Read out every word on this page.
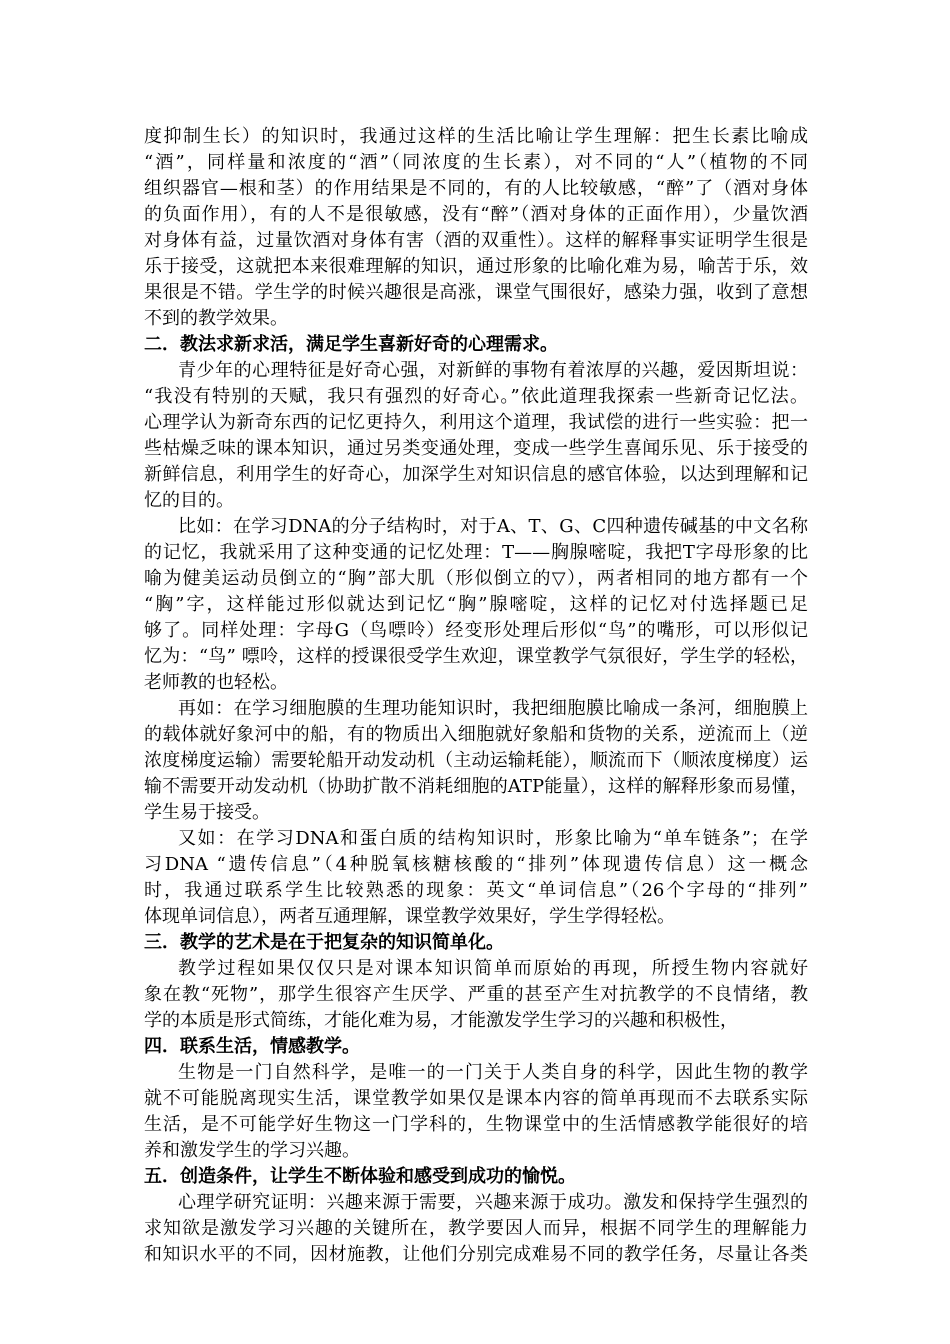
度抑制生长）的知识时，我通过这样的生活比喻让学生理解：把生长素比喻成
“酒”，同样量和浓度的“酒”（同浓度的生长素），对不同的“人”（植物的不同
组织器官—根和茎）的作用结果是不同的，有的人比较敏感，“醉”了（酒对身体
的负面作用），有的人不是很敏感，没有“醉”（酒对身体的正面作用），少量饮酒
对身体有益，过量饮酒对身体有害（酒的双重性）。这样的解释事实证明学生很是
乐于接受，这就把本来很难理解的知识，通过形象的比喻化难为易，喻苦于乐，效
果很是不错。学生学的时候兴趣很是高涨，课堂气围很好，感染力强，收到了意想
不到的教学效果。
二．教法求新求活，满足学生喜新好奇的心理需求。
青少年的心理特征是好奇心强，对新鲜的事物有着浓厚的兴趣，爱因斯坦说：
“我没有特别的天赋，我只有强烈的好奇心。”依此道理我探索一些新奇记忆法。
心理学认为新奇东西的记忆更持久，利用这个道理，我试偿的进行一些实验：把一
些枯燥乏味的课本知识，通过另类变通处理，变成一些学生喜闻乐见、乐于接受的
新鲜信息，利用学生的好奇心，加深学生对知识信息的感官体验，以达到理解和记
忆的目的。
比如：在学习DNA的分子结构时，对于A、T、G、C四种遗传碱基的中文名称
的记忆，我就采用了这种变通的记忆处理：T——胸腺嘧啶，我把T字母形象的比
喻为健美运动员倒立的“胸”部大肌（形似倒立的▽），两者相同的地方都有一个
“胸”字，这样能过形似就达到记忆“胸”腺嘧啶，这样的记忆对付选择题已足
够了。同样处理：字母G（鸟嘌呤）经变形处理后形似“鸟”的嘴形，可以形似记
忆为：“鸟” 嘌呤，这样的授课很受学生欢迎，课堂教学气氛很好，学生学的轻松，
老师教的也轻松。
再如：在学习细胞膜的生理功能知识时，我把细胞膜比喻成一条河，细胞膜上
的载体就好象河中的船，有的物质出入细胞就好象船和货物的关系，逆流而上（逆
浓度梯度运输）需要轮船开动发动机（主动运输耗能），顺流而下（顺浓度梯度）运
输不需要开动发动机（协助扩散不消耗细胞的ATP能量），这样的解释形象而易懂，
学生易于接受。
又如：在学习DNA和蛋白质的结构知识时，形象比喻为“单车链条”；在学
习DNA “遗传信息”（4种脱氧核糖核酸的“排列”体现遗传信息）这一概念
时，我通过联系学生比较熟悉的现象：英文“单词信息”（26个字母的“排列”
体现单词信息），两者互通理解，课堂教学效果好，学生学得轻松。
三．教学的艺术是在于把复杂的知识简单化。
教学过程如果仅仅只是对课本知识简单而原始的再现，所授生物内容就好
象在教“死物”，那学生很容产生厌学、严重的甚至产生对抗教学的不良情绪，教
学的本质是形式简练，才能化难为易，才能激发学生学习的兴趣和积极性，
四．联系生活，情感教学。
生物是一门自然科学，是唯一的一门关于人类自身的科学，因此生物的教学
就不可能脱离现实生活，课堂教学如果仅是课本内容的简单再现而不去联系实际
生活，是不可能学好生物这一门学科的，生物课堂中的生活情感教学能很好的培
养和激发学生的学习兴趣。
五．创造条件，让学生不断体验和感受到成功的愉悦。
心理学研究证明：兴趣来源于需要，兴趣来源于成功。激发和保持学生强烈的
求知欲是激发学习兴趣的关键所在，教学要因人而异，根据不同学生的理解能力
和知识水平的不同，因材施教，让他们分别完成难易不同的教学任务，尽量让各类
